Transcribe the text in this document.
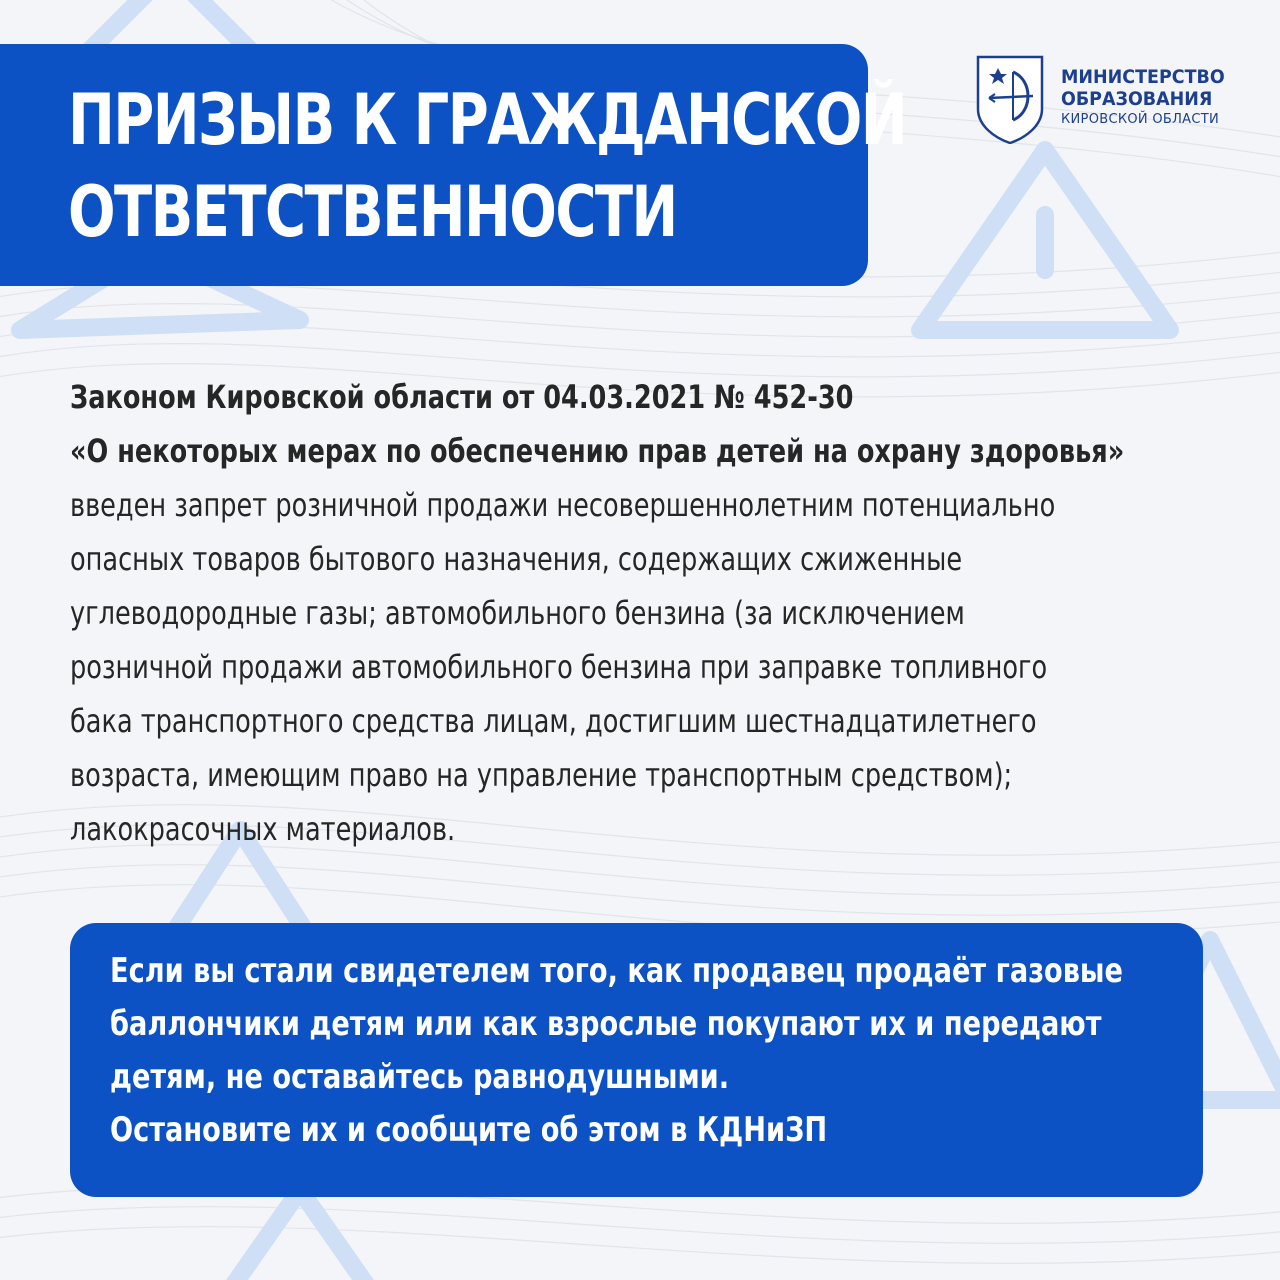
ПРИЗЫВ К ГРАЖДАНСКОЙ
ОТВЕТСТВЕННОСТИ
МИНИСТЕРСТВО
ОБРАЗОВАНИЯ
КИРОВСКОЙ ОБЛАСТИ
Законом Кировской области от 04.03.2021 № 452-30
«О некоторых мерах по обеспечению прав детей на охрану здоровья»
введен запрет розничной продажи несовершеннолетним потенциально
опасных товаров бытового назначения, содержащих сжиженные
углеводородные газы; автомобильного бензина (за исключением
розничной продажи автомобильного бензина при заправке топливного
бака транспортного средства лицам, достигшим шестнадцатилетнего
возраста, имеющим право на управление транспортным средством);
лакокрасочных материалов.
Если вы стали свидетелем того, как продавец продаёт газовые
баллончики детям или как взрослые покупают их и передают
детям, не оставайтесь равнодушными.
Остановите их и сообщите об этом в КДНиЗП
